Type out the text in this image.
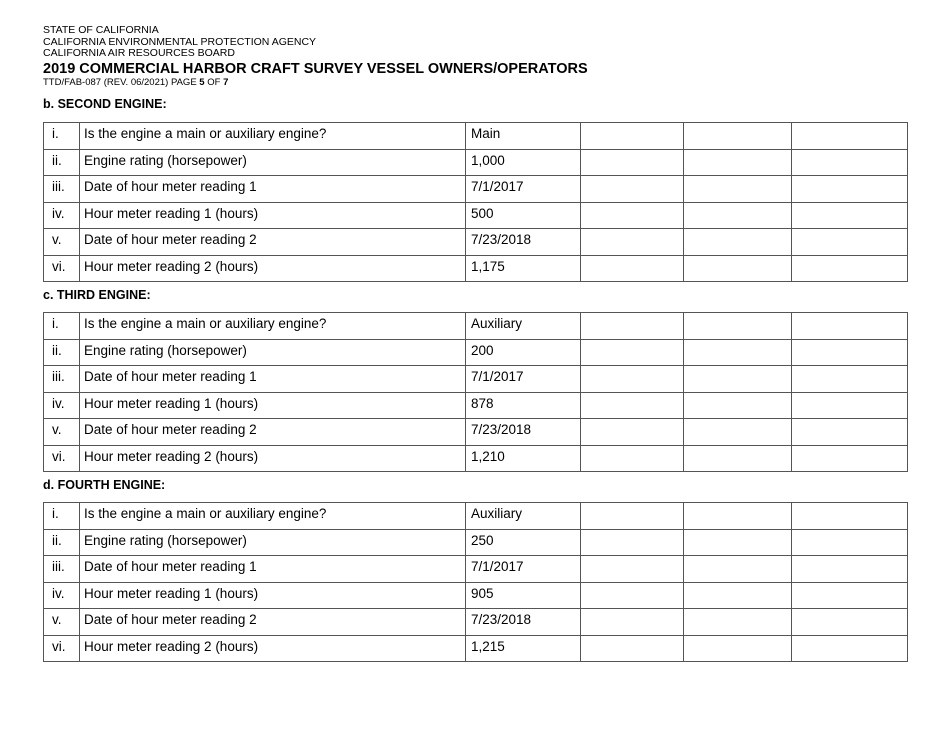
STATE OF CALIFORNIA
CALIFORNIA ENVIRONMENTAL PROTECTION AGENCY
CALIFORNIA AIR RESOURCES BOARD
2019 COMMERCIAL HARBOR CRAFT SURVEY VESSEL OWNERS/OPERATORS
TTD/FAB-087 (REV. 06/2021) PAGE 5 OF 7
b. SECOND ENGINE:
i.	Is the engine a main or auxiliary engine?	Main			

ii.	Engine rating (horsepower)	1,000			

iii.	Date of hour meter reading 1	7/1/2017			

iv.	Hour meter reading 1 (hours)	500			

v.	Date of hour meter reading 2	7/23/2018			

vi.	Hour meter reading 2 (hours)	1,175			

c. THIRD ENGINE:
i.	Is the engine a main or auxiliary engine?	Auxiliary			

ii.	Engine rating (horsepower)	200			

iii.	Date of hour meter reading 1	7/1/2017			

iv.	Hour meter reading 1 (hours)	878			

v.	Date of hour meter reading 2	7/23/2018			

vi.	Hour meter reading 2 (hours)	1,210			

d. FOURTH ENGINE:
i.	Is the engine a main or auxiliary engine?	Auxiliary			

ii.	Engine rating (horsepower)	250			

iii.	Date of hour meter reading 1	7/1/2017			

iv.	Hour meter reading 1 (hours)	905			

v.	Date of hour meter reading 2	7/23/2018			

vi.	Hour meter reading 2 (hours)	1,215			
